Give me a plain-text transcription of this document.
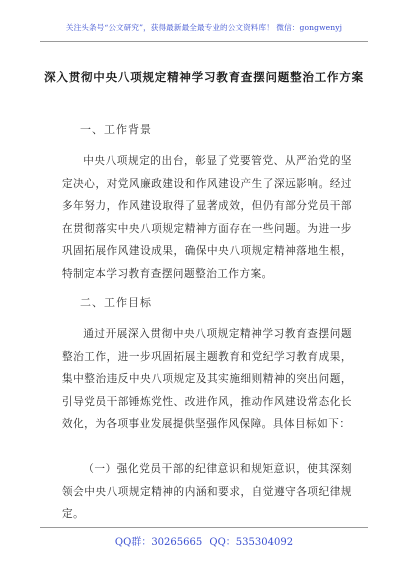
关注头条号“公文研究”，获得最新最全最专业的公文资料库！ 微信：gongwenyj
深入贯彻中央八项规定精神学习教育查摆问题整治工作方案
一、工作背景
中央八项规定的出台，彰显了党要管党、从严治党的坚定决心，对党风廉政建设和作风建设产生了深远影响。经过多年努力，作风建设取得了显著成效，但仍有部分党员干部在贯彻落实中央八项规定精神方面存在一些问题。为进一步巩固拓展作风建设成果，确保中央八项规定精神落地生根，特制定本学习教育查摆问题整治工作方案。
二、工作目标
通过开展深入贯彻中央八项规定精神学习教育查摆问题整治工作，进一步巩固拓展主题教育和党纪学习教育成果，集中整治违反中央八项规定及其实施细则精神的突出问题，引导党员干部锤炼党性、改进作风，推动作风建设常态化长效化，为各项事业发展提供坚强作风保障。具体目标如下：
（一）强化党员干部的纪律意识和规矩意识，使其深刻领会中央八项规定精神的内涵和要求，自觉遵守各项纪律规定。
QQ群：30265665 QQ：535304092
